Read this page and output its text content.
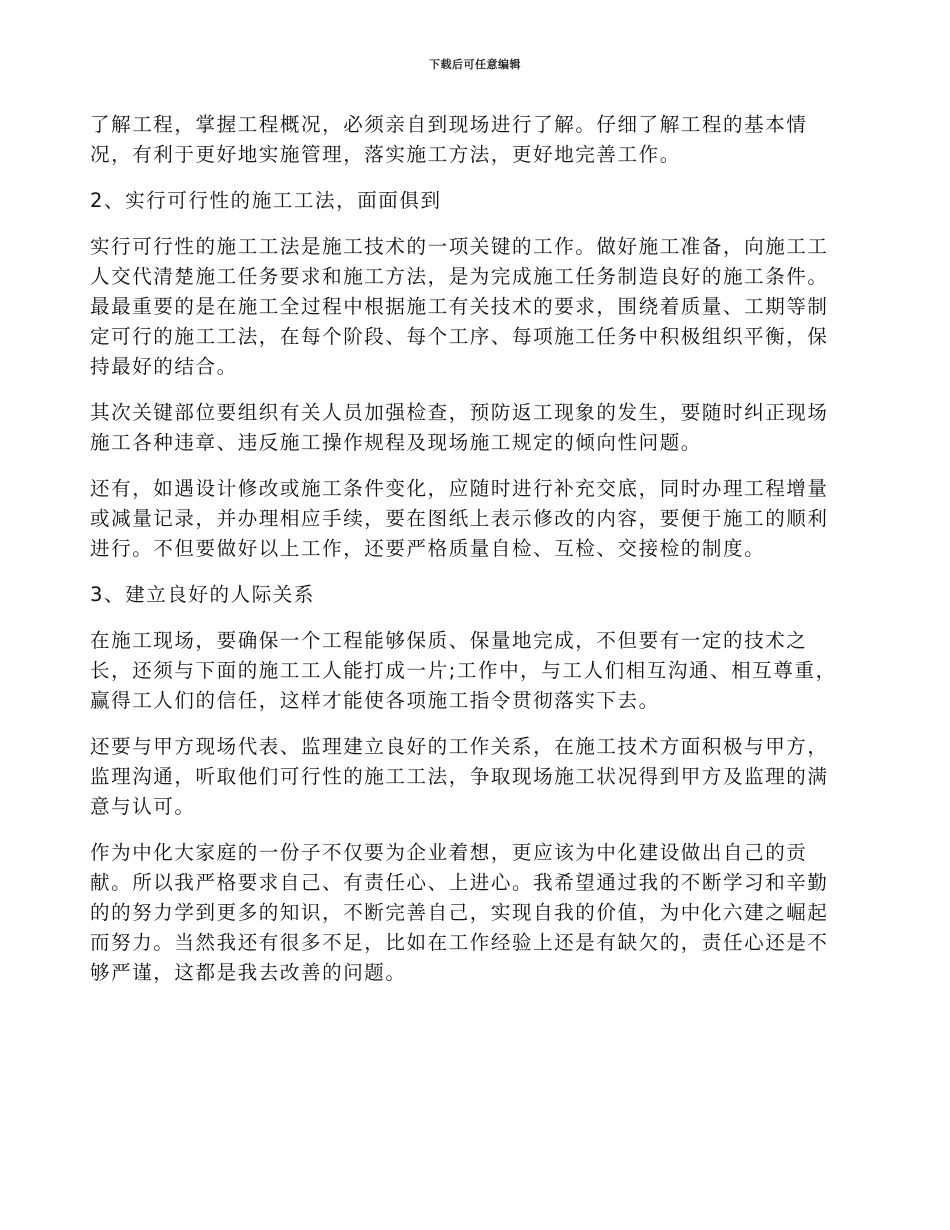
下载后可任意编辑

了解工程，掌握工程概况，必须亲自到现场进行了解。仔细了解工程的基本情
况，有利于更好地实施管理，落实施工方法，更好地完善工作。

2、实行可行性的施工工法，面面俱到

实行可行性的施工工法是施工技术的一项关键的工作。做好施工准备，向施工工
人交代清楚施工任务要求和施工方法，是为完成施工任务制造良好的施工条件。
最最重要的是在施工全过程中根据施工有关技术的要求，围绕着质量、工期等制
定可行的施工工法，在每个阶段、每个工序、每项施工任务中积极组织平衡，保
持最好的结合。

其次关键部位要组织有关人员加强检查，预防返工现象的发生，要随时纠正现场
施工各种违章、违反施工操作规程及现场施工规定的倾向性问题。

还有，如遇设计修改或施工条件变化，应随时进行补充交底，同时办理工程增量
或减量记录，并办理相应手续，要在图纸上表示修改的内容，要便于施工的顺利
进行。不但要做好以上工作，还要严格质量自检、互检、交接检的制度。

3、建立良好的人际关系

在施工现场，要确保一个工程能够保质、保量地完成，不但要有一定的技术之
长，还须与下面的施工工人能打成一片;工作中，与工人们相互沟通、相互尊重，
赢得工人们的信任，这样才能使各项施工指令贯彻落实下去。

还要与甲方现场代表、监理建立良好的工作关系，在施工技术方面积极与甲方，
监理沟通，听取他们可行性的施工工法，争取现场施工状况得到甲方及监理的满
意与认可。

作为中化大家庭的一份子不仅要为企业着想，更应该为中化建设做出自己的贡
献。所以我严格要求自己、有责任心、上进心。我希望通过我的不断学习和辛勤
的的努力学到更多的知识，不断完善自己，实现自我的价值，为中化六建之崛起
而努力。当然我还有很多不足，比如在工作经验上还是有缺欠的，责任心还是不
够严谨，这都是我去改善的问题。
